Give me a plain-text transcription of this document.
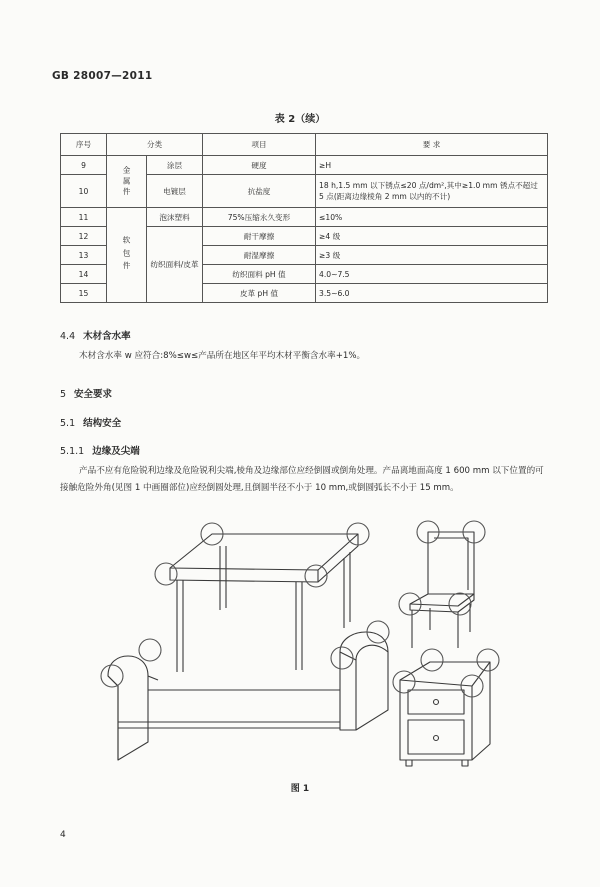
GB 28007—2011
表 2（续）
序号	分类		项目	要 求
9	金属件	涂层	硬度	≥H
10		电镀层	抗盐度	18 h,1.5 mm 以下锈点≤20 点/dm²,其中≥1.0 mm 锈点不超过 5 点(距离边缘棱角 2 mm 以内的不计)
11	软包件	泡沫塑料	75%压缩永久变形	≤10%
12		纺织面料/皮革	耐干摩擦	≥4 级
13			耐湿摩擦	≥3 级
14			纺织面料 pH 值	4.0~7.5
15			皮革 pH 值	3.5~6.0
4.4 木材含水率
木材含水率 w 应符合:8%≤w≤产品所在地区年平均木材平衡含水率+1%。
5 安全要求
5.1 结构安全
5.1.1 边缘及尖端
产品不应有危险锐利边缘及危险锐利尖端,棱角及边缘部位应经倒圆或倒角处理。产品离地面高度 1 600 mm 以下位置的可接触危险外角(见图 1 中画圈部位)应经倒圆处理,且倒圆半径不小于 10 mm,或倒圆弧长不小于 15 mm。
图 1
4
